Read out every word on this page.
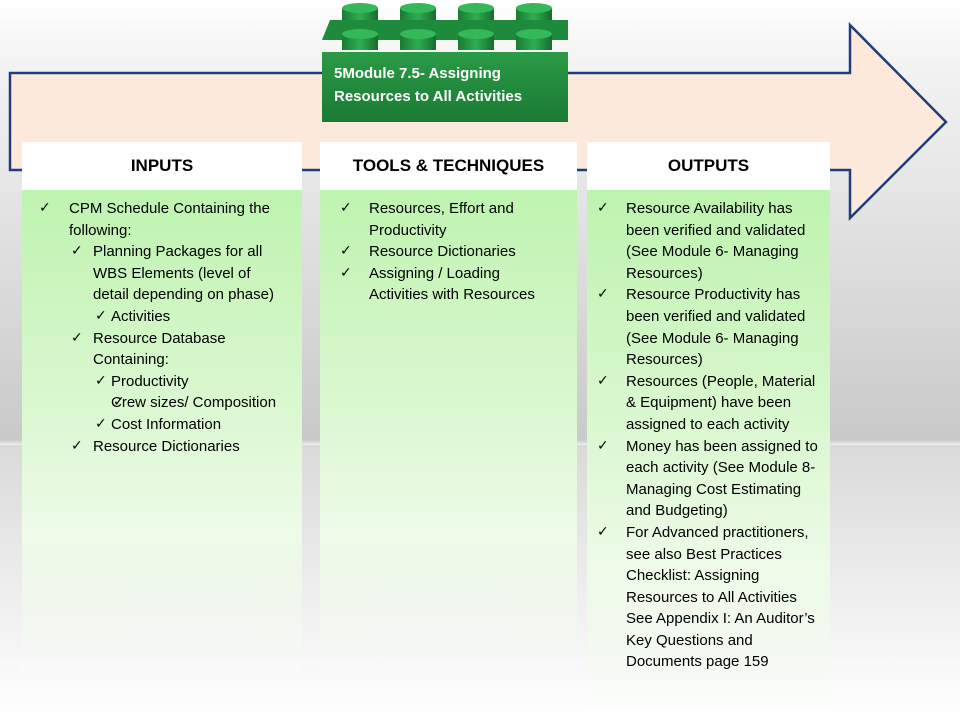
5Module 7.5- Assigning Resources to All Activities
INPUTS
✓ CPM Schedule Containing the following:
✓ Planning Packages for all WBS Elements (level of detail depending on phase)
✓ Activities
✓ Resource Database Containing:
✓ Productivity
✓ Crew sizes/ Composition
✓ Cost Information
✓ Resource Dictionaries
TOOLS & TECHNIQUES
✓ Resources, Effort and Productivity
✓ Resource Dictionaries
✓ Assigning / Loading Activities with Resources
OUTPUTS
✓ Resource Availability has been verified and validated (See Module 6- Managing Resources)
✓ Resource Productivity has been verified and validated (See Module 6- Managing Resources)
✓ Resources (People, Material & Equipment) have been assigned to each activity
✓ Money has been assigned to each activity (See Module 8- Managing Cost Estimating and Budgeting)
✓ For Advanced practitioners, see also Best Practices Checklist: Assigning Resources to All Activities See Appendix I: An Auditor’s Key Questions and Documents page 159
